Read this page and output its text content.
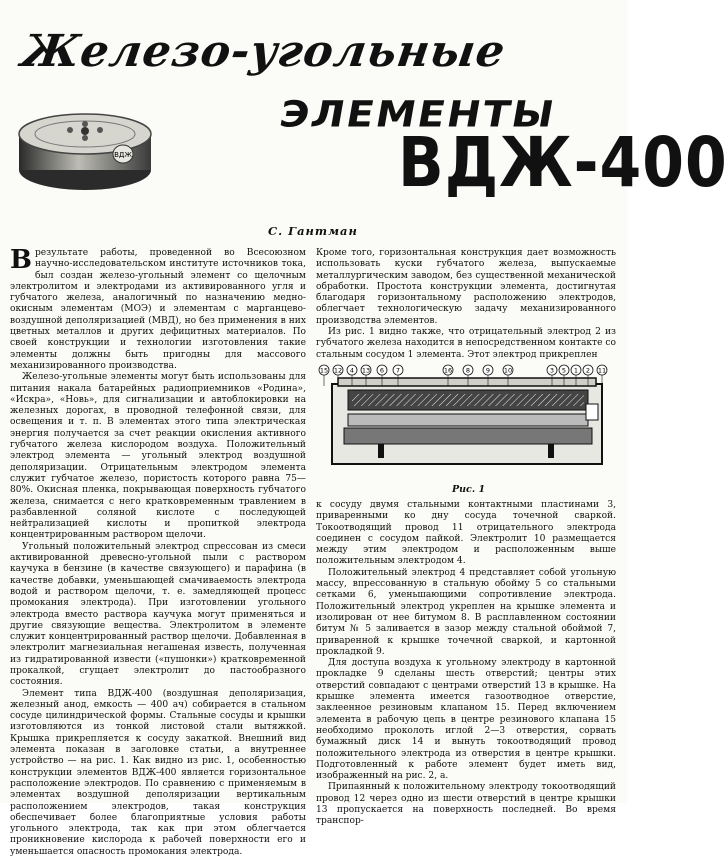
Железо-угольные
ЭЛЕМЕНТЫ
ВДЖ-400
ВДЖ
С. Гантман

Врезультате работы, проведенной во Всесоюзном научно-исследовательском институте источников тока, был создан железо-угольный элемент со щелочным электролитом и электродами из активированного угля и губчатого железа, аналогичный по назначению медно-окисным элементам (МОЭ) и элементам с марганцево-воздушной деполяризацией (МВД), но без применения в них цветных металлов и других дефицитных материалов. По своей конструкции и технологии изготовления такие элементы должны быть пригодны для массового механизированного производства.

Железо-угольные элементы могут быть использованы для питания накала батарейных радиоприемников «Родина», «Искра», «Новь», для сигнализации и автоблокировки на железных дорогах, в проводной телефонной связи, для освещения и т. п. В элементах этого типа электрическая энергия получается за счет реакции окисления активного губчатого железа кислородом воздуха. Положительный электрод элемента — угольный электрод воздушной деполяризации. Отрицательным электродом элемента служит губчатое железо, пористость которого равна 75—80%. Окисная пленка, покрывающая поверхность губчатого железа, снимается с него кратковременным травлением в разбавленной соляной кислоте с последующей нейтрализацией кислоты и пропиткой электрода концентрированным раствором щелочи.

Угольный положительный электрод спрессован из смеси активированной древесно-угольной пыли с раствором каучука в бензине (в качестве связующего) и парафина (в качестве добавки, уменьшающей смачиваемость электрода водой и раствором щелочи, т. е. замедляющей процесс промокания электрода). При изготовлении угольного электрода вместо раствора каучука могут применяться и другие связующие вещества. Электролитом в элементе служит концентрированный раствор щелочи. Добавленная в электролит магнезиальная негашеная известь, полученная из гидратированной извести («пушонки») кратковременной прокалкой, сгущает электролит до пастообразного состояния.

Элемент типа ВДЖ-400 (воздушная деполяризация, железный анод, емкость — 400 ач) собирается в стальном сосуде цилиндрической формы. Стальные сосуды и крышки изготовляются из тонкой листовой стали вытяжкой. Крышка прикрепляется к сосуду закаткой. Внешний вид элемента показан в заголовке статьи, а внутреннее устройство — на рис. 1. Как видно из рис. 1, особенностью конструкции элементов ВДЖ-400 является горизонтальное расположение электродов. По сравнению с применяемым в элементах воздушной деполяризации вертикальным расположением электродов, такая конструкция обеспечивает более благоприятные условия работы угольного электрода, так как при этом облегчается проникновение кислорода к рабочей поверхности его и уменьшается опасность промокания электрода.

Кроме того, горизонтальная конструкция дает возможность использовать куски губчатого железа, выпускаемые металлургическим заводом, без существенной механической обработки. Простота конструкции элемента, достигнутая благодаря горизонтальному расположению электродов, облегчает технологическую задачу механизированного производства элементов.

Из рис. 1 видно также, что отрицательный электрод 2 из губчатого железа находится в непосредственном контакте со стальным сосудом 1 элемента. Этот электрод прикреплен

15 12 4 13 6 7	16 8 9 10	3 5 1 2 11
Рис. 1

к сосуду двумя стальными контактными пластинами 3, приваренными ко дну сосуда точечной сваркой. Токоотводящий провод 11 отрицательного электрода соединен с сосудом пайкой. Электролит 10 размещается между этим электродом и расположенным выше положительным электродом 4.

Положительный электрод 4 представляет собой угольную массу, впрессованную в стальную обойму 5 со стальными сетками 6, уменьшающими сопротивление электрода. Положительный электрод укреплен на крышке элемента и изолирован от нее битумом 8. В расплавленном состоянии битум № 5 заливается в зазор между стальной обоймой 7, приваренной к крышке точечной сваркой, и картонной прокладкой 9.

Для доступа воздуха к угольному электроду в картонной прокладке 9 сделаны шесть отверстий; центры этих отверстий совпадают с центрами отверстий 13 в крышке. На крышке элемента имеется газоотводное отверстие, заклеенное резиновым клапаном 15. Перед включением элемента в рабочую цепь в центре резинового клапана 15 необходимо проколоть иглой 2—3 отверстия, сорвать бумажный диск 14 и вынуть токоотводящий провод положительного электрода из отверстия в центре крышки. Подготовленный к работе элемент будет иметь вид, изображенный на рис. 2, а.

Припаянный к положительному электроду токоотводящий провод 12 через одно из шести отверстий в центре крышки 13 пропускается на поверхность последней. Во время транспор-
